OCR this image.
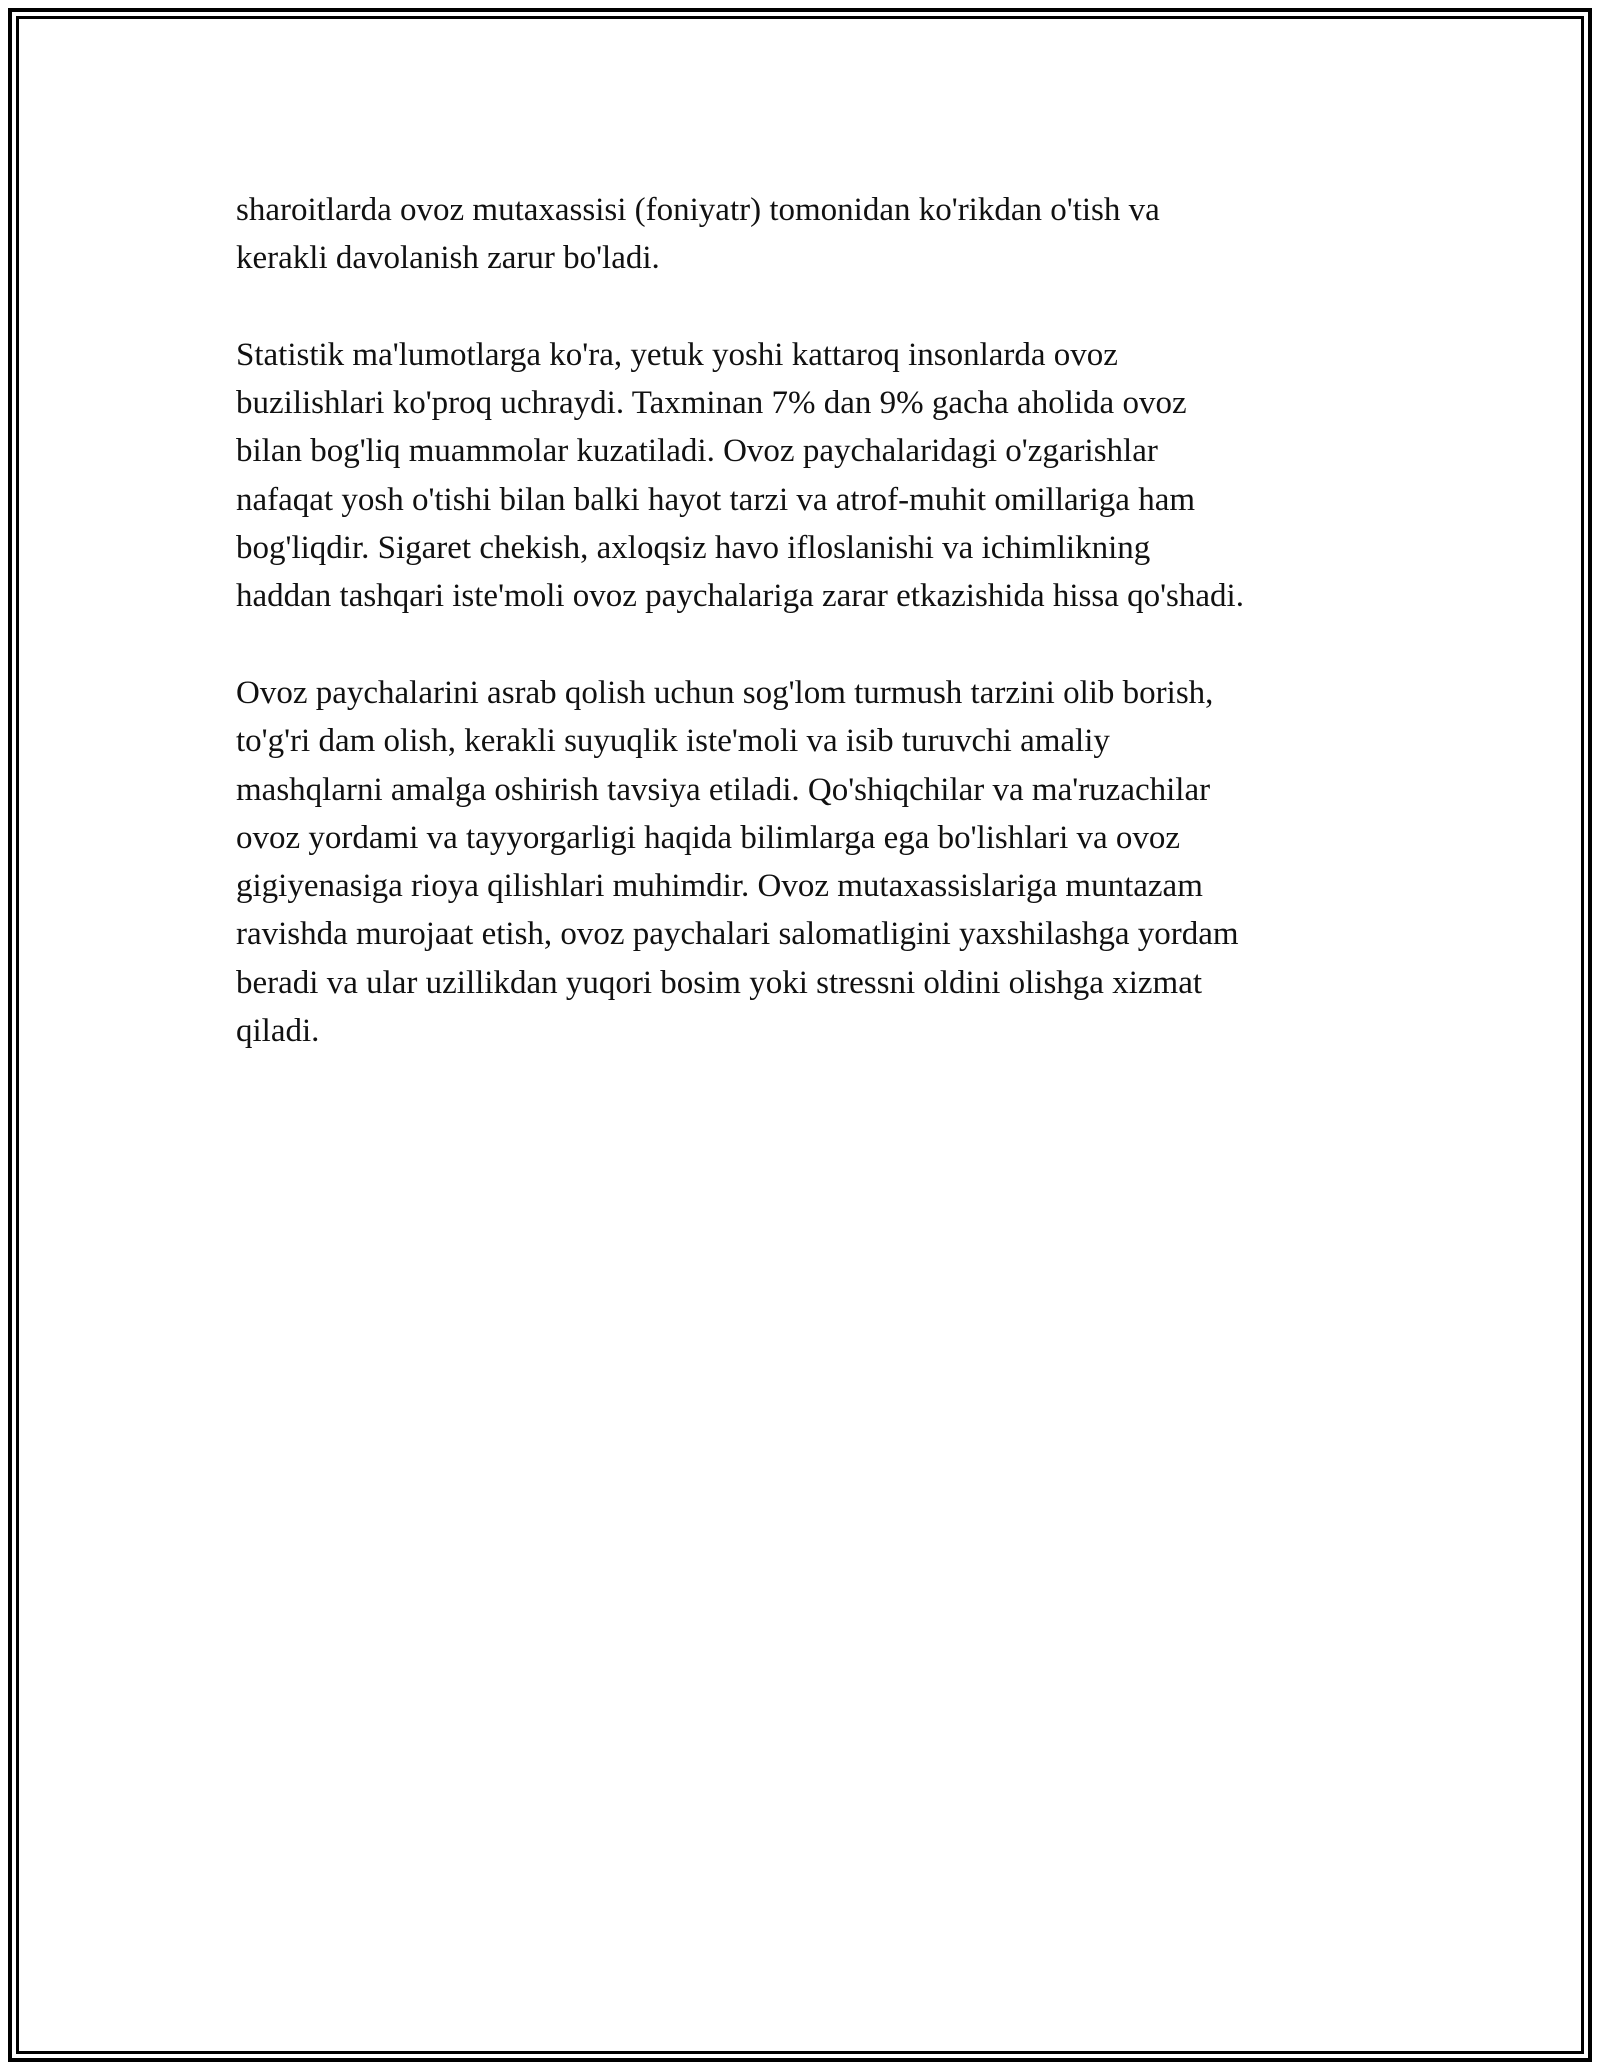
sharoitlarda ovoz mutaxassisi (foniyatr) tomonidan ko'rikdan o'tish va
kerakli davolanish zarur bo'ladi.

Statistik ma'lumotlarga ko'ra, yetuk yoshi kattaroq insonlarda ovoz
buzilishlari ko'proq uchraydi. Taxminan 7% dan 9% gacha aholida ovoz
bilan bog'liq muammolar kuzatiladi. Ovoz paychalaridagi o'zgarishlar
nafaqat yosh o'tishi bilan balki hayot tarzi va atrof-muhit omillariga ham
bog'liqdir. Sigaret chekish, axloqsiz havo ifloslanishi va ichimlikning
haddan tashqari iste'moli ovoz paychalariga zarar etkazishida hissa qo'shadi.

Ovoz paychalarini asrab qolish uchun sog'lom turmush tarzini olib borish,
to'g'ri dam olish, kerakli suyuqlik iste'moli va isib turuvchi amaliy
mashqlarni amalga oshirish tavsiya etiladi. Qo'shiqchilar va ma'ruzachilar
ovoz yordami va tayyorgarligi haqida bilimlarga ega bo'lishlari va ovoz
gigiyenasiga rioya qilishlari muhimdir. Ovoz mutaxassislariga muntazam
ravishda murojaat etish, ovoz paychalari salomatligini yaxshilashga yordam
beradi va ular uzillikdan yuqori bosim yoki stressni oldini olishga xizmat
qiladi.
